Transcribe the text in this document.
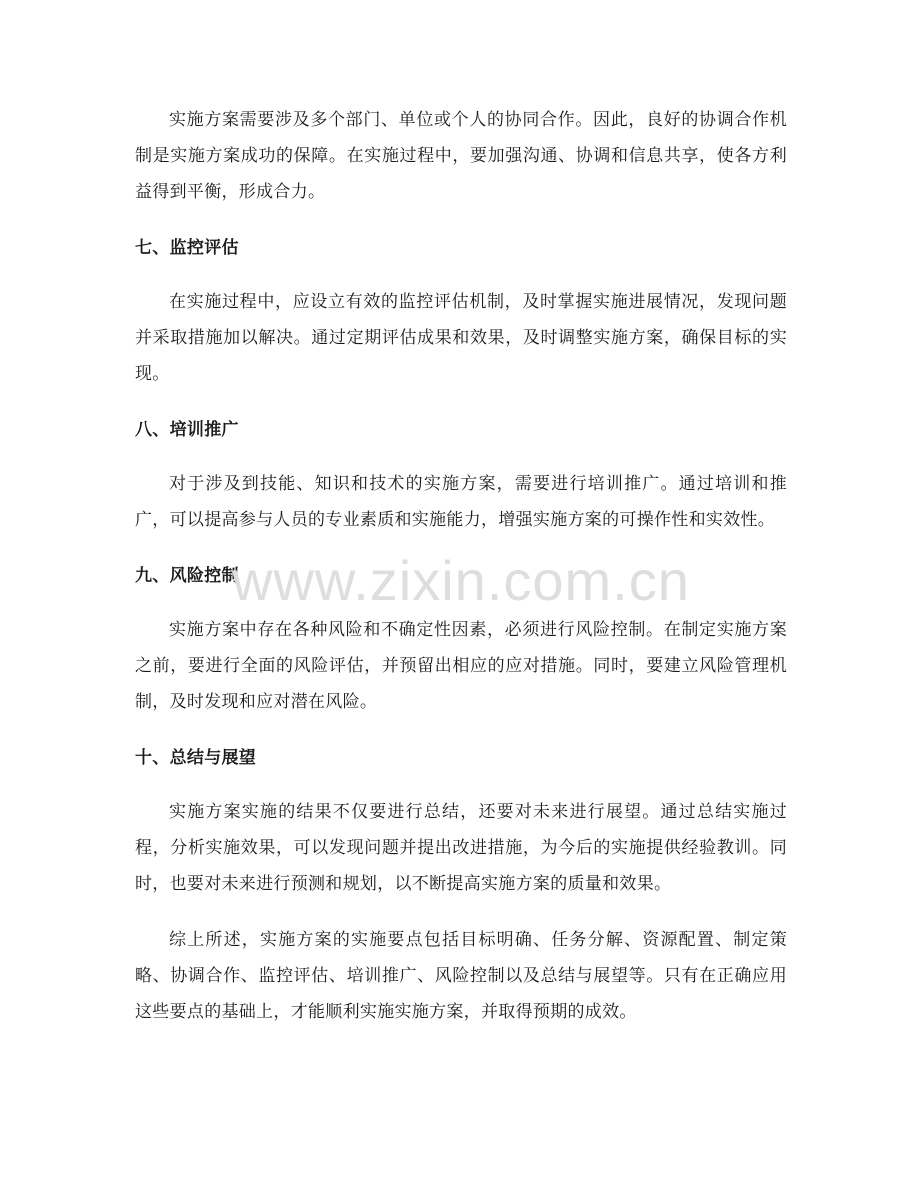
实施方案需要涉及多个部门、单位或个人的协同合作。因此，良好的协调合作机制是实施方案成功的保障。在实施过程中，要加强沟通、协调和信息共享，使各方利益得到平衡，形成合力。

七、监控评估

在实施过程中，应设立有效的监控评估机制，及时掌握实施进展情况，发现问题并采取措施加以解决。通过定期评估成果和效果，及时调整实施方案，确保目标的实现。

八、培训推广

对于涉及到技能、知识和技术的实施方案，需要进行培训推广。通过培训和推广，可以提高参与人员的专业素质和实施能力，增强实施方案的可操作性和实效性。

九、风险控制

实施方案中存在各种风险和不确定性因素，必须进行风险控制。在制定实施方案之前，要进行全面的风险评估，并预留出相应的应对措施。同时，要建立风险管理机制，及时发现和应对潜在风险。

十、总结与展望

实施方案实施的结果不仅要进行总结，还要对未来进行展望。通过总结实施过程，分析实施效果，可以发现问题并提出改进措施，为今后的实施提供经验教训。同时，也要对未来进行预测和规划，以不断提高实施方案的质量和效果。

综上所述，实施方案的实施要点包括目标明确、任务分解、资源配置、制定策略、协调合作、监控评估、培训推广、风险控制以及总结与展望等。只有在正确应用这些要点的基础上，才能顺利实施实施方案，并取得预期的成效。

www.zixin.com.cn
